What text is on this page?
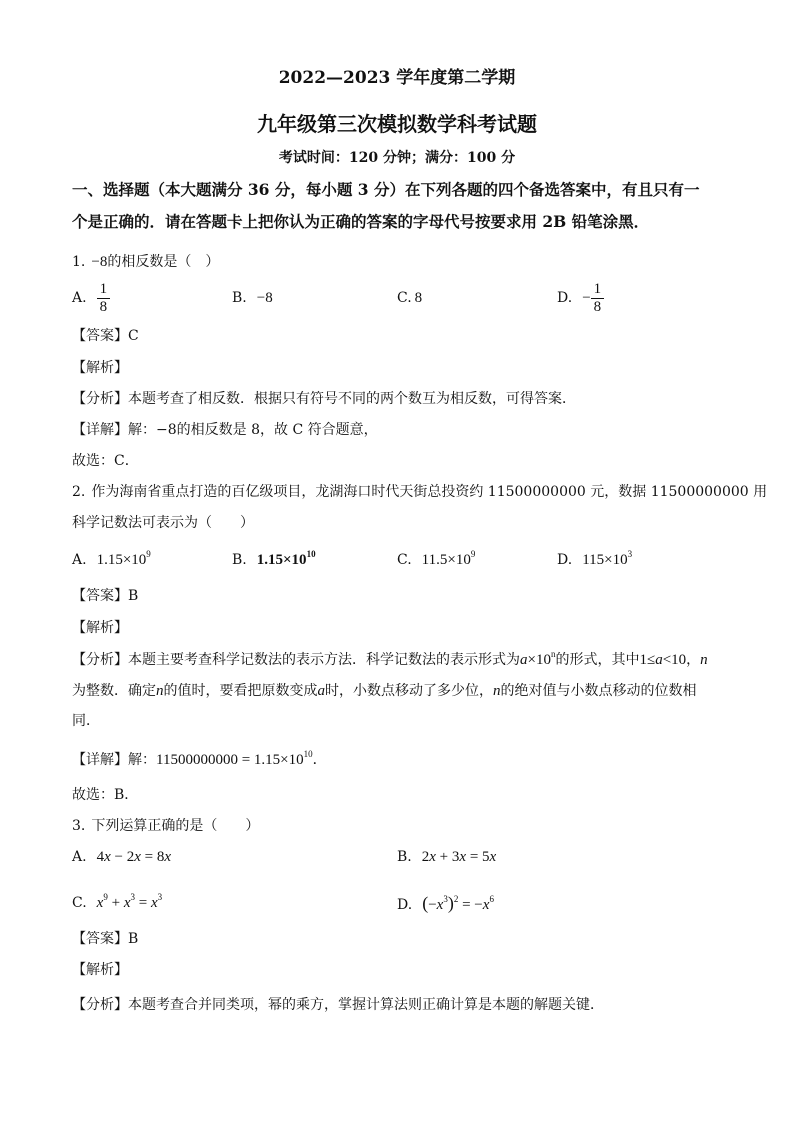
2022—2023 学年度第二学期
九年级第三次模拟数学科考试题
考试时间：120 分钟；满分：100 分
一、选择题（本大题满分 36 分，每小题 3 分）在下列各题的四个备选答案中，有且只有一
个是正确的．请在答题卡上把你认为正确的答案的字母代号按要求用 2B 铅笔涂黑．
1. −8的相反数是（　）
A. $\frac{1}{8}$	B. −8	C. 8	D. − $\frac{1}{8}$
【答案】C
【解析】
【分析】本题考查了相反数．根据只有符号不同的两个数互为相反数，可得答案．
【详解】解：−8的相反数是 8，故 C 符合题意，
故选：C．
2. 作为海南省重点打造的百亿级项目，龙湖海口时代天街总投资约 11500000000 元，数据 11500000000 用
科学记数法可表示为（　　）
A. $1.15\times 10^9$	B. $1.15\times 10^{10}$	C. $11.5\times 10^9$	D. $115\times 10^3$
【答案】B
【解析】
【分析】本题主要考查科学记数法的表示方法．科学记数法的表示形式为$a\times 10^n$的形式，其中1≤a<10，n
为整数．确定n的值时，要看把原数变成a时，小数点移动了多少位，n的绝对值与小数点移动的位数相
同．
【详解】解：$11500000000 = 1.15\times 10^{10}$．
故选：B．
3. 下列运算正确的是（　　）
A. 4x − 2x = 8x	B. 2x + 3x = 5x
C. $x^9 + x^3 = x^3$	D. $(-x^3)^2 = -x^6$
【答案】B
【解析】
【分析】本题考查合并同类项，幂的乘方，掌握计算法则正确计算是本题的解题关键．
